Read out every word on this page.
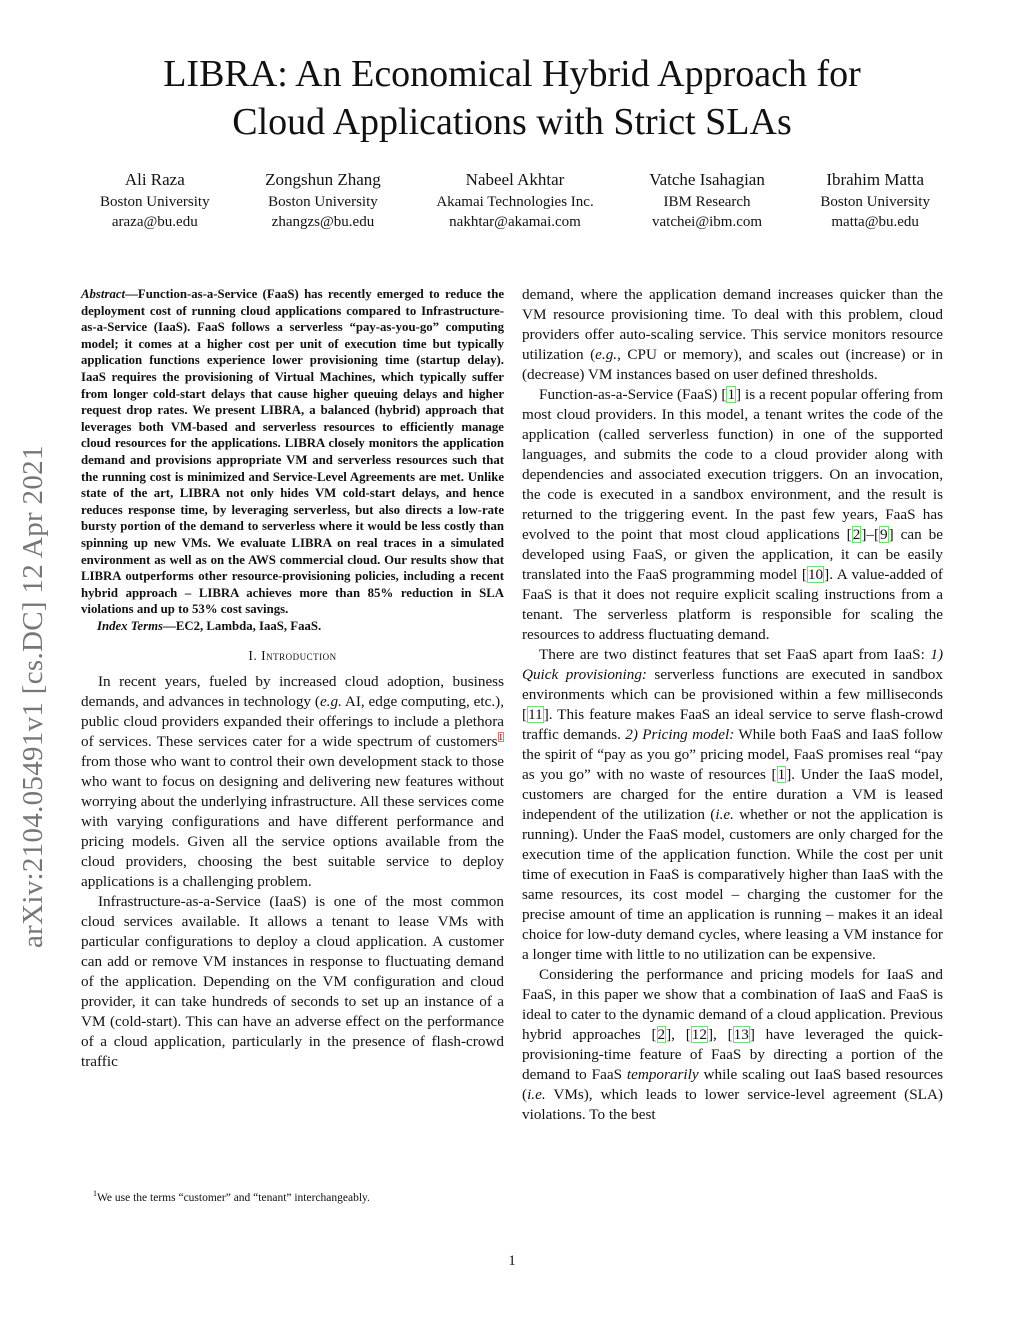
LIBRA: An Economical Hybrid Approach for
Cloud Applications with Strict SLAs
Ali Raza
Boston University
araza@bu.edu
Zongshun Zhang
Boston University
zhangzs@bu.edu
Nabeel Akhtar
Akamai Technologies Inc.
nakhtar@akamai.com
Vatche Isahagian
IBM Research
vatchei@ibm.com
Ibrahim Matta
Boston University
matta@bu.edu
arXiv:2104.05491v1 [cs.DC] 12 Apr 2021

Abstract—Function-as-a-Service (FaaS) has recently emerged to reduce the deployment cost of running cloud applications compared to Infrastructure-as-a-Service (IaaS). FaaS follows a serverless “pay-as-you-go” computing model; it comes at a higher cost per unit of execution time but typically application functions experience lower provisioning time (startup delay). IaaS requires the provisioning of Virtual Machines, which typically suffer from longer cold-start delays that cause higher queuing delays and higher request drop rates. We present LIBRA, a balanced (hybrid) approach that leverages both VM-based and serverless resources to efficiently manage cloud resources for the applications. LIBRA closely monitors the application demand and provisions appropriate VM and serverless resources such that the running cost is minimized and Service-Level Agreements are met. Unlike state of the art, LIBRA not only hides VM cold-start delays, and hence reduces response time, by leveraging serverless, but also directs a low-rate bursty portion of the demand to serverless where it would be less costly than spinning up new VMs. We evaluate LIBRA on real traces in a simulated environment as well as on the AWS commercial cloud. Our results show that LIBRA outperforms other resource-provisioning policies, including a recent hybrid approach – LIBRA achieves more than 85% reduction in SLA violations and up to 53% cost savings.

Index Terms—EC2, Lambda, IaaS, FaaS.

I. Introduction

In recent years, fueled by increased cloud adoption, business demands, and advances in technology (e.g. AI, edge computing, etc.), public cloud providers expanded their offerings to include a plethora of services. These services cater for a wide spectrum of customers$^1$ from those who want to control their own development stack to those who want to focus on designing and delivering new features without worrying about the underlying infrastructure. All these services come with varying configurations and have different performance and pricing models. Given all the service options available from the cloud providers, choosing the best suitable service to deploy applications is a challenging problem.

Infrastructure-as-a-Service (IaaS) is one of the most common cloud services available. It allows a tenant to lease VMs with particular configurations to deploy a cloud application. A customer can add or remove VM instances in response to fluctuating demand of the application. Depending on the VM configuration and cloud provider, it can take hundreds of seconds to set up an instance of a VM (cold-start). This can have an adverse effect on the performance of a cloud application, particularly in the presence of flash-crowd traffic

$^1$We use the terms “customer” and “tenant” interchangeably.

demand, where the application demand increases quicker than the VM resource provisioning time. To deal with this problem, cloud providers offer auto-scaling service. This service monitors resource utilization (e.g., CPU or memory), and scales out (increase) or in (decrease) VM instances based on user defined thresholds.

Function-as-a-Service (FaaS) [1] is a recent popular offering from most cloud providers. In this model, a tenant writes the code of the application (called serverless function) in one of the supported languages, and submits the code to a cloud provider along with dependencies and associated execution triggers. On an invocation, the code is executed in a sandbox environment, and the result is returned to the triggering event. In the past few years, FaaS has evolved to the point that most cloud applications [2]–[9] can be developed using FaaS, or given the application, it can be easily translated into the FaaS programming model [10]. A value-added of FaaS is that it does not require explicit scaling instructions from a tenant. The serverless platform is responsible for scaling the resources to address fluctuating demand.

There are two distinct features that set FaaS apart from IaaS: 1) Quick provisioning: serverless functions are executed in sandbox environments which can be provisioned within a few milliseconds [11]. This feature makes FaaS an ideal service to serve flash-crowd traffic demands. 2) Pricing model: While both FaaS and IaaS follow the spirit of “pay as you go” pricing model, FaaS promises real “pay as you go” with no waste of resources [1]. Under the IaaS model, customers are charged for the entire duration a VM is leased independent of the utilization (i.e. whether or not the application is running). Under the FaaS model, customers are only charged for the execution time of the application function. While the cost per unit time of execution in FaaS is comparatively higher than IaaS with the same resources, its cost model – charging the customer for the precise amount of time an application is running – makes it an ideal choice for low-duty demand cycles, where leasing a VM instance for a longer time with little to no utilization can be expensive.

Considering the performance and pricing models for IaaS and FaaS, in this paper we show that a combination of IaaS and FaaS is ideal to cater to the dynamic demand of a cloud application. Previous hybrid approaches [2], [12], [13] have leveraged the quick-provisioning-time feature of FaaS by directing a portion of the demand to FaaS temporarily while scaling out IaaS based resources (i.e. VMs), which leads to lower service-level agreement (SLA) violations. To the best

1
